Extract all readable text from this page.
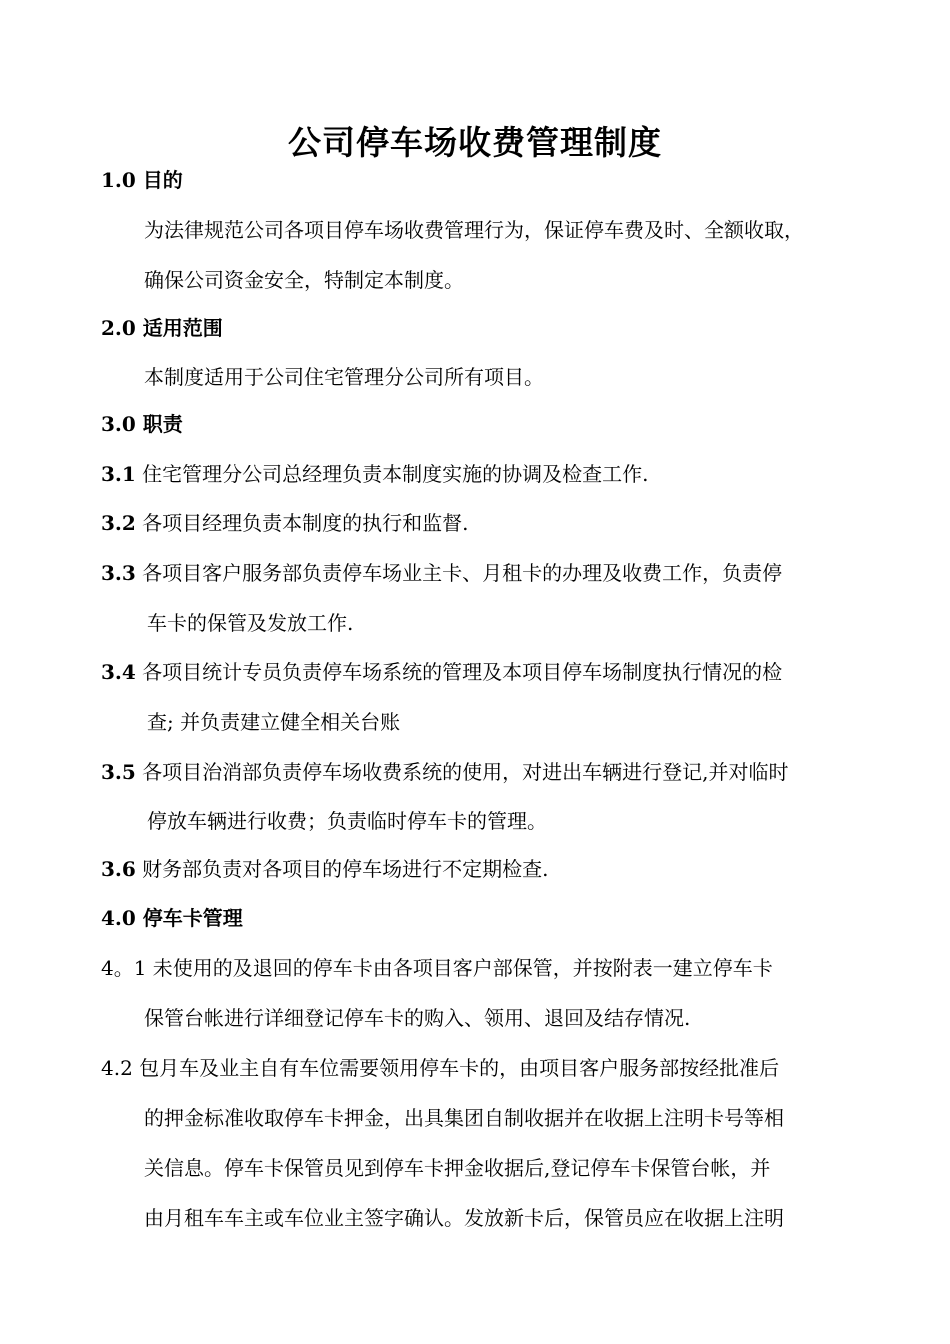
公司停车场收费管理制度
1.0 目的
为法律规范公司各项目停车场收费管理行为，保证停车费及时、全额收取，
确保公司资金安全，特制定本制度。
2.0 适用范围
本制度适用于公司住宅管理分公司所有项目。
3.0 职责
3.1 住宅管理分公司总经理负责本制度实施的协调及检查工作.
3.2 各项目经理负责本制度的执行和监督.
3.3 各项目客户服务部负责停车场业主卡、月租卡的办理及收费工作，负责停
车卡的保管及发放工作.
3.4 各项目统计专员负责停车场系统的管理及本项目停车场制度执行情况的检
查; 并负责建立健全相关台账
3.5 各项目治消部负责停车场收费系统的使用，对进出车辆进行登记,并对临时
停放车辆进行收费；负责临时停车卡的管理。
3.6 财务部负责对各项目的停车场进行不定期检查.
4.0 停车卡管理
4。1 未使用的及退回的停车卡由各项目客户部保管，并按附表一建立停车卡
保管台帐进行详细登记停车卡的购入、领用、退回及结存情况.
4.2 包月车及业主自有车位需要领用停车卡的，由项目客户服务部按经批准后
的押金标准收取停车卡押金，出具集团自制收据并在收据上注明卡号等相
关信息。停车卡保管员见到停车卡押金收据后,登记停车卡保管台帐，并
由月租车车主或车位业主签字确认。发放新卡后，保管员应在收据上注明
